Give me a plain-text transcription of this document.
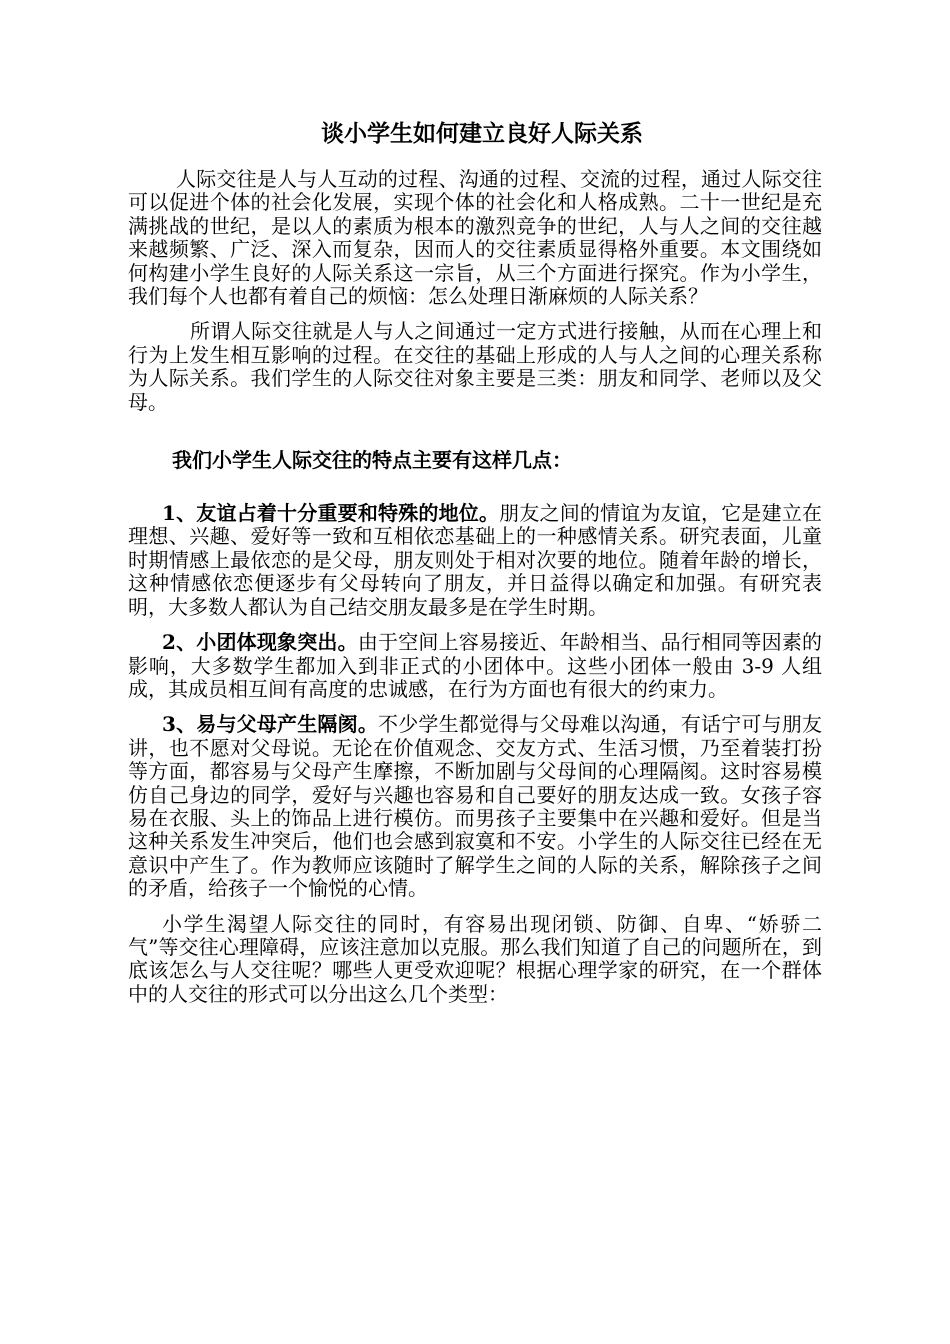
谈小学生如何建立良好人际关系

人际交往是人与人互动的过程、沟通的过程、交流的过程，通过人际交往可以促进个体的社会化发展，实现个体的社会化和人格成熟。二十一世纪是充满挑战的世纪，是以人的素质为根本的激烈竞争的世纪，人与人之间的交往越来越频繁、广泛、深入而复杂，因而人的交往素质显得格外重要。本文围绕如何构建小学生良好的人际关系这一宗旨，从三个方面进行探究。作为小学生，我们每个人也都有着自己的烦恼：怎么处理日渐麻烦的人际关系？

所谓人际交往就是人与人之间通过一定方式进行接触，从而在心理上和行为上发生相互影响的过程。在交往的基础上形成的人与人之间的心理关系称为人际关系。我们学生的人际交往对象主要是三类：朋友和同学、老师以及父母。

我们小学生人际交往的特点主要有这样几点：

1、友谊占着十分重要和特殊的地位。朋友之间的情谊为友谊，它是建立在理想、兴趣、爱好等一致和互相依恋基础上的一种感情关系。研究表面，儿童时期情感上最依恋的是父母，朋友则处于相对次要的地位。随着年龄的增长，这种情感依恋便逐步有父母转向了朋友，并日益得以确定和加强。有研究表明，大多数人都认为自己结交朋友最多是在学生时期。

2、小团体现象突出。由于空间上容易接近、年龄相当、品行相同等因素的影响，大多数学生都加入到非正式的小团体中。这些小团体一般由 3-9 人组成，其成员相互间有高度的忠诚感，在行为方面也有很大的约束力。

3、易与父母产生隔阂。不少学生都觉得与父母难以沟通，有话宁可与朋友讲，也不愿对父母说。无论在价值观念、交友方式、生活习惯，乃至着装打扮等方面，都容易与父母产生摩擦，不断加剧与父母间的心理隔阂。这时容易模仿自己身边的同学，爱好与兴趣也容易和自己要好的朋友达成一致。女孩子容易在衣服、头上的饰品上进行模仿。而男孩子主要集中在兴趣和爱好。但是当这种关系发生冲突后，他们也会感到寂寞和不安。小学生的人际交往已经在无意识中产生了。作为教师应该随时了解学生之间的人际的关系，解除孩子之间的矛盾，给孩子一个愉悦的心情。

小学生渴望人际交往的同时，有容易出现闭锁、防御、自卑、“娇骄二气”等交往心理障碍，应该注意加以克服。那么我们知道了自己的问题所在，到底该怎么与人交往呢？哪些人更受欢迎呢？根据心理学家的研究，在一个群体中的人交往的形式可以分出这么几个类型：
